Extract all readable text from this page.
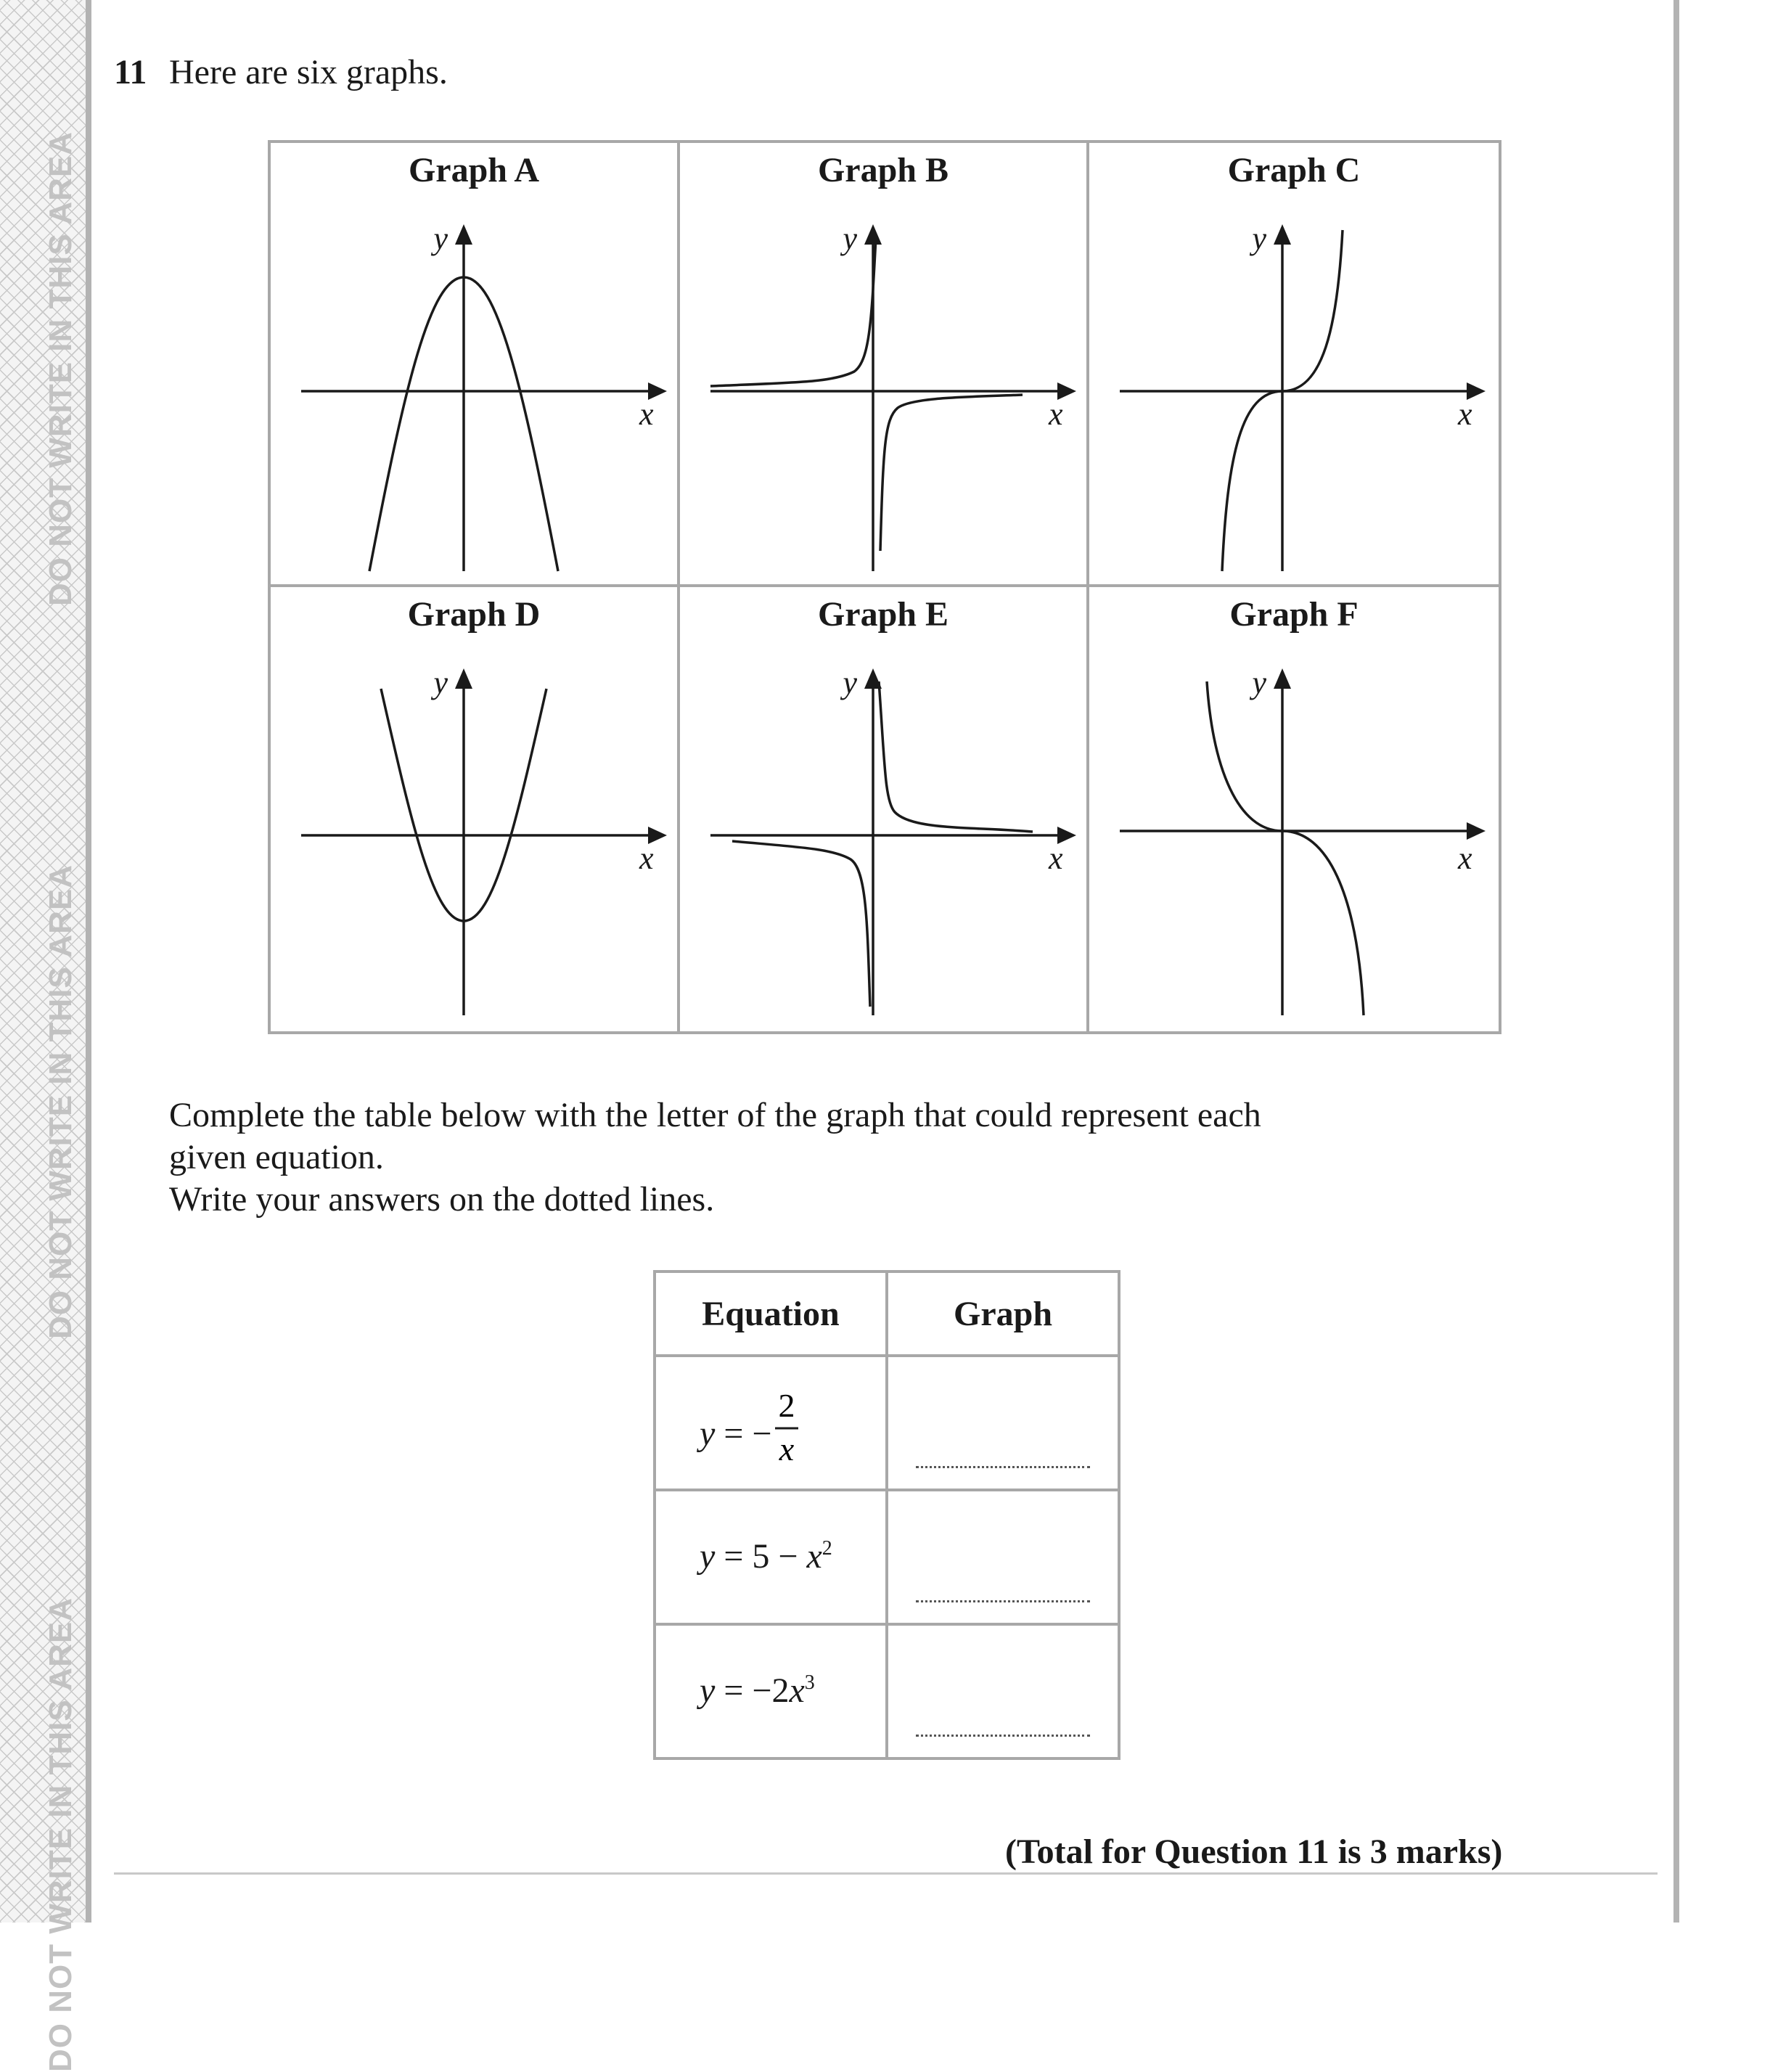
DO NOT WRITE IN THIS AREA
DO NOT WRITE IN THIS AREA
DO NOT WRITE IN THIS AREA
11 Here are six graphs.
Graph A
y
x
Graph B
y
x
Graph C
y
x
Graph D
y
x
Graph E
y
x
Graph F
y
x
Complete the table below with the letter of the graph that could represent each
given equation.
Write your answers on the dotted lines.
Equation	Graph

y = −
2
x	

$y = 5 - x^2$

$y = -2x^3$

(Total for Question 11 is 3 marks)
